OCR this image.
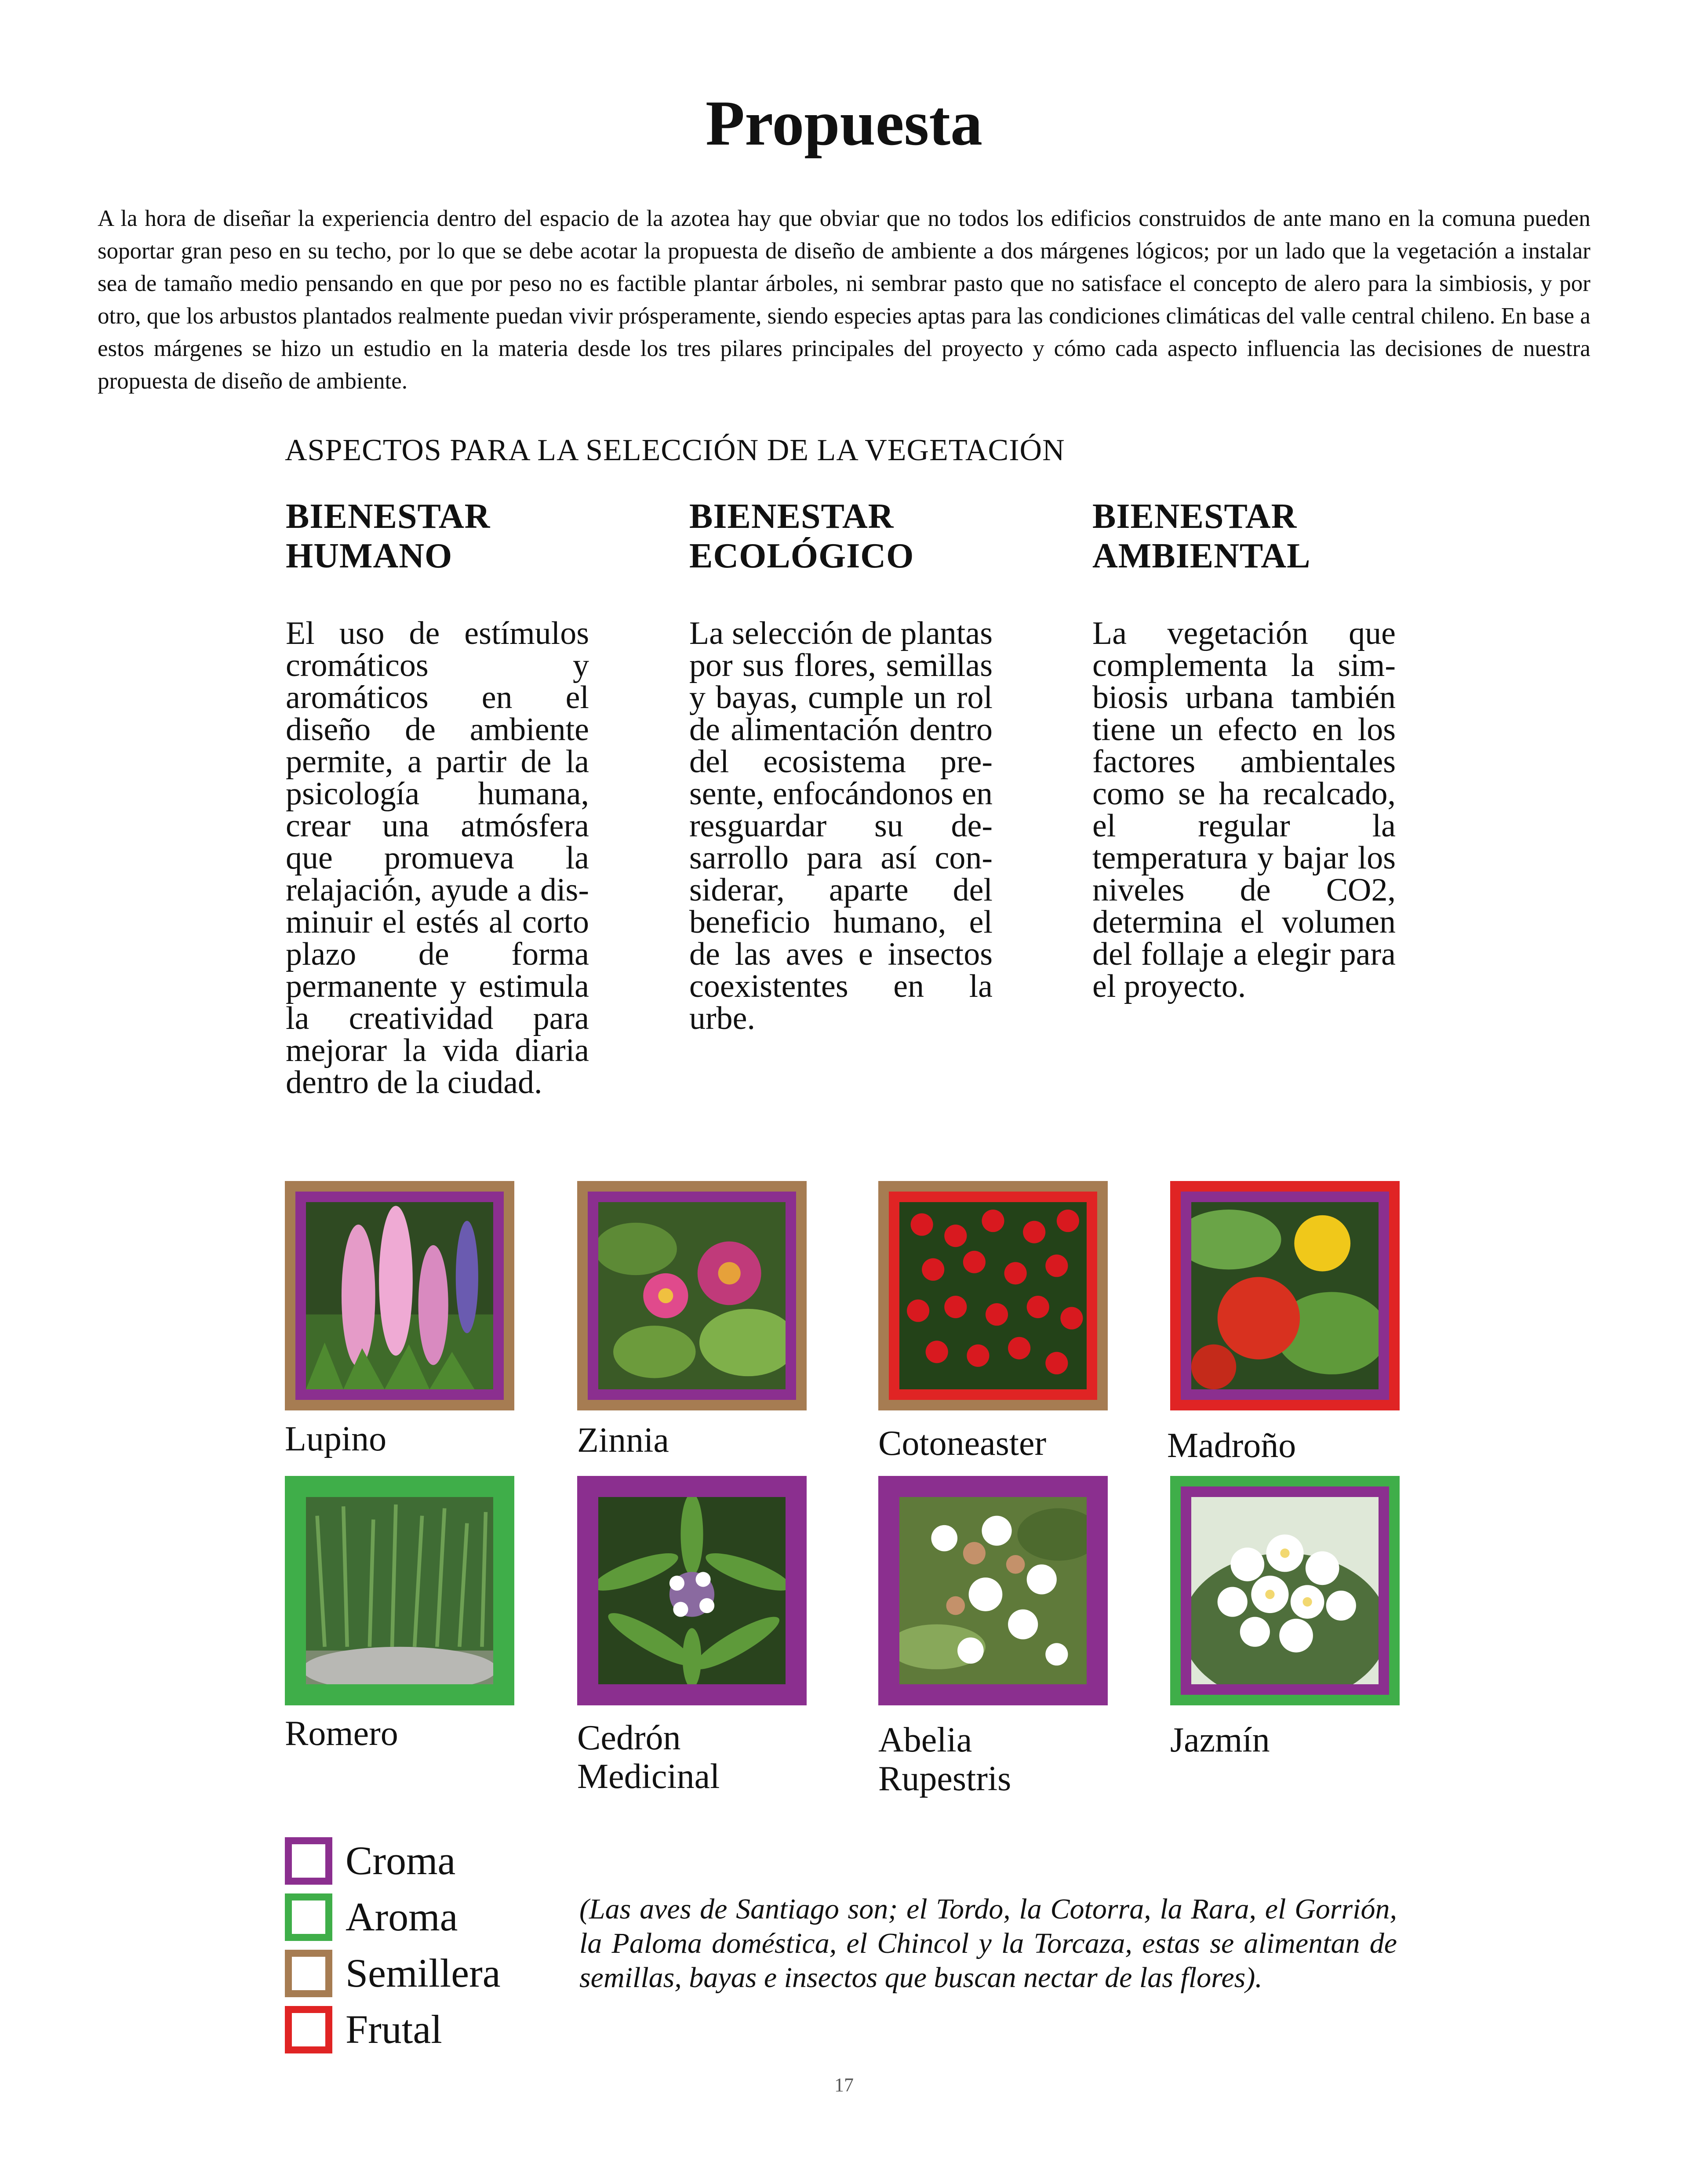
Propuesta

A la hora de diseñar la experiencia dentro del espacio de la azotea hay que obviar que no todos los edificios construidos de ante mano en la comuna pueden soportar gran peso en su techo, por lo que se debe acotar la propuesta de diseño de ambiente a dos márgenes lógicos; por un lado que la vegetación a instalar sea de tamaño medio pensando en que por peso no es factible plantar árboles, ni sembrar pasto que no satisface el concepto de alero para la simbiosis, y por otro, que los arbustos plantados realmente puedan vivir prósperamente, siendo especies aptas para las condiciones climáticas del valle central chileno. En base a estos márgenes se hizo un estudio en la materia desde los tres pilares principales del proyecto y cómo cada aspecto influencia las decisiones de nuestra propuesta de diseño de ambiente.

ASPECTOS PARA LA SELECCIÓN DE LA VEGETACIÓN
BIENESTAR
HUMANO

El uso de estímulos cromáticos y aromáticos en el diseño de ambiente permite, a partir de la psicología humana, crear una atmósfera que promueva la relajación, ayude a disminuir el estés al corto plazo de forma permanente y estimula la creatividad para mejorar la vida diaria dentro de la ciudad.

BIENESTAR
ECOLÓGICO

La selección de plantas por sus flores, semillas y bayas, cumple un rol de alimentación dentro del ecosistema presente, enfocándonos en resguardar su desarrollo para así considerar, aparte del beneficio humano, el de las aves e insectos coexistentes en la urbe.

BIENESTAR
AMBIENTAL

La vegetación que complementa la simbiosis urbana también tiene un efecto en los factores ambientales como se ha recalcado, el regular la temperatura y bajar los niveles de CO2, determina el volumen del follaje a elegir para el proyecto.

Lupino	Zinnia	Cotoneaster	Madroño
Romero	Cedrón
Medicinal
Abelia
Rupestris
Jazmín
Croma
Aroma
Semillera
Frutal

(Las aves de Santiago son; el Tordo, la Cotorra, la Rara, el Gorrión, la Paloma doméstica, el Chincol y la Torcaza, estas se alimentan de semillas, bayas e insectos que buscan nectar de las flores).

17
